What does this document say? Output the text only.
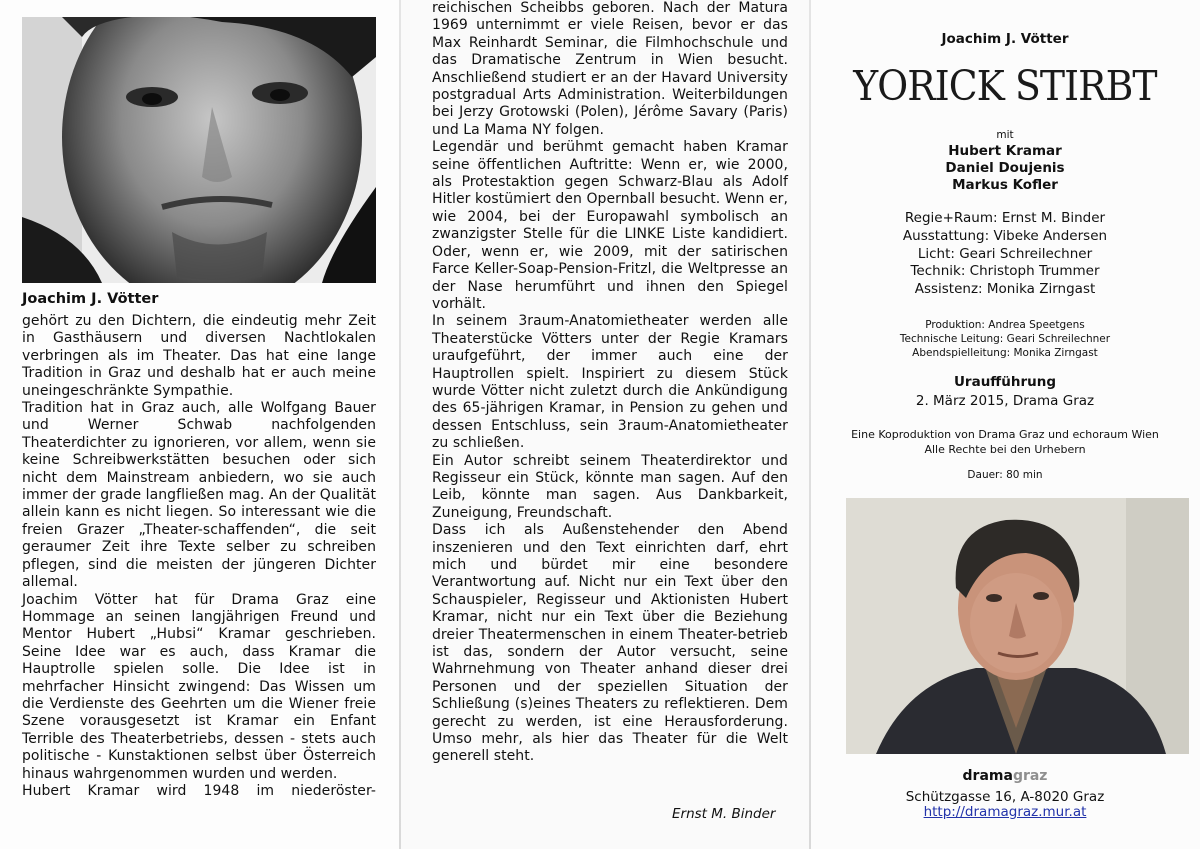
Joachim J. Vötter

gehört zu den Dichtern, die eindeutig mehr Zeit in Gasthäusern und diversen Nachtlokalen verbringen als im Theater. Das hat eine lange Tradition in Graz und deshalb hat er auch meine uneingeschränkte Sympathie.

Tradition hat in Graz auch, alle Wolfgang Bauer und Werner Schwab nachfolgenden Theaterdichter zu ignorieren, vor allem, wenn sie keine Schreibwerkstätten besuchen oder sich nicht dem Mainstream anbiedern, wo sie auch immer der grade langfließen mag. An der Qualität allein kann es nicht liegen. So interessant wie die freien Grazer „Theater-schaffenden“, die seit geraumer Zeit ihre Texte selber zu schreiben pflegen, sind die meisten der jüngeren Dichter allemal.

Joachim Vötter hat für Drama Graz eine Hommage an seinen langjährigen Freund und Mentor Hubert „Hubsi“ Kramar geschrieben. Seine Idee war es auch, dass Kramar die Hauptrolle spielen solle. Die Idee ist in mehrfacher Hinsicht zwingend: Das Wissen um die Verdienste des Geehrten um die Wiener freie Szene vorausgesetzt ist Kramar ein Enfant Terrible des Theaterbetriebs, dessen - stets auch politische - Kunstaktionen selbst über Österreich hinaus wahrgenommen wurden und werden.

Hubert Kramar wird 1948 im niederöster-

reichischen Scheibbs geboren. Nach der Matura 1969 unternimmt er viele Reisen, bevor er das Max Reinhardt Seminar, die Filmhochschule und das Dramatische Zentrum in Wien besucht. Anschließend studiert er an der Havard University postgradual Arts Administration. Weiterbildungen bei Jerzy Grotowski (Polen), Jérôme Savary (Paris) und La Mama NY folgen.

Legendär und berühmt gemacht haben Kramar seine öffentlichen Auftritte: Wenn er, wie 2000, als Protestaktion gegen Schwarz-Blau als Adolf Hitler kostümiert den Opernball besucht. Wenn er, wie 2004, bei der Europawahl symbolisch an zwanzigster Stelle für die LINKE Liste kandidiert. Oder, wenn er, wie 2009, mit der satirischen Farce Keller-Soap-Pension-Fritzl, die Weltpresse an der Nase herumführt und ihnen den Spiegel vorhält.

In seinem 3raum-Anatomietheater werden alle Theaterstücke Vötters unter der Regie Kramars uraufgeführt, der immer auch eine der Hauptrollen spielt. Inspiriert zu diesem Stück wurde Vötter nicht zuletzt durch die Ankündigung des 65-jährigen Kramar, in Pension zu gehen und dessen Entschluss, sein 3raum-Anatomietheater zu schließen.

Ein Autor schreibt seinem Theaterdirektor und Regisseur ein Stück, könnte man sagen. Auf den Leib, könnte man sagen. Aus Dankbarkeit, Zuneigung, Freundschaft.

Dass ich als Außenstehender den Abend inszenieren und den Text einrichten darf, ehrt mich und bürdet mir eine besondere Verantwortung auf. Nicht nur ein Text über den Schauspieler, Regisseur und Aktionisten Hubert Kramar, nicht nur ein Text über die Beziehung dreier Theatermenschen in einem Theater-betrieb ist das, sondern der Autor versucht, seine Wahrnehmung von Theater anhand dieser drei Personen und der speziellen Situation der Schließung (s)eines Theaters zu reflektieren. Dem gerecht zu werden, ist eine Herausforderung. Umso mehr, als hier das Theater für die Welt generell steht.

Ernst M. Binder
Joachim J. Vötter
YORICK STIRBT
mit
Hubert Kramar
Daniel Doujenis
Markus Kofler
Regie+Raum: Ernst M. Binder
Ausstattung: Vibeke Andersen
Licht: Geari Schreilechner
Technik: Christoph Trummer
Assistenz: Monika Zirngast
Produktion: Andrea Speetgens
Technische Leitung: Geari Schreilechner
Abendspielleitung: Monika Zirngast
Uraufführung
2. März 2015, Drama Graz
Eine Koproduktion von Drama Graz und echoraum Wien
Alle Rechte bei den Urhebern
Dauer: 80 min
dramagraz
Schützgasse 16, A-8020 Graz
http://dramagraz.mur.at
